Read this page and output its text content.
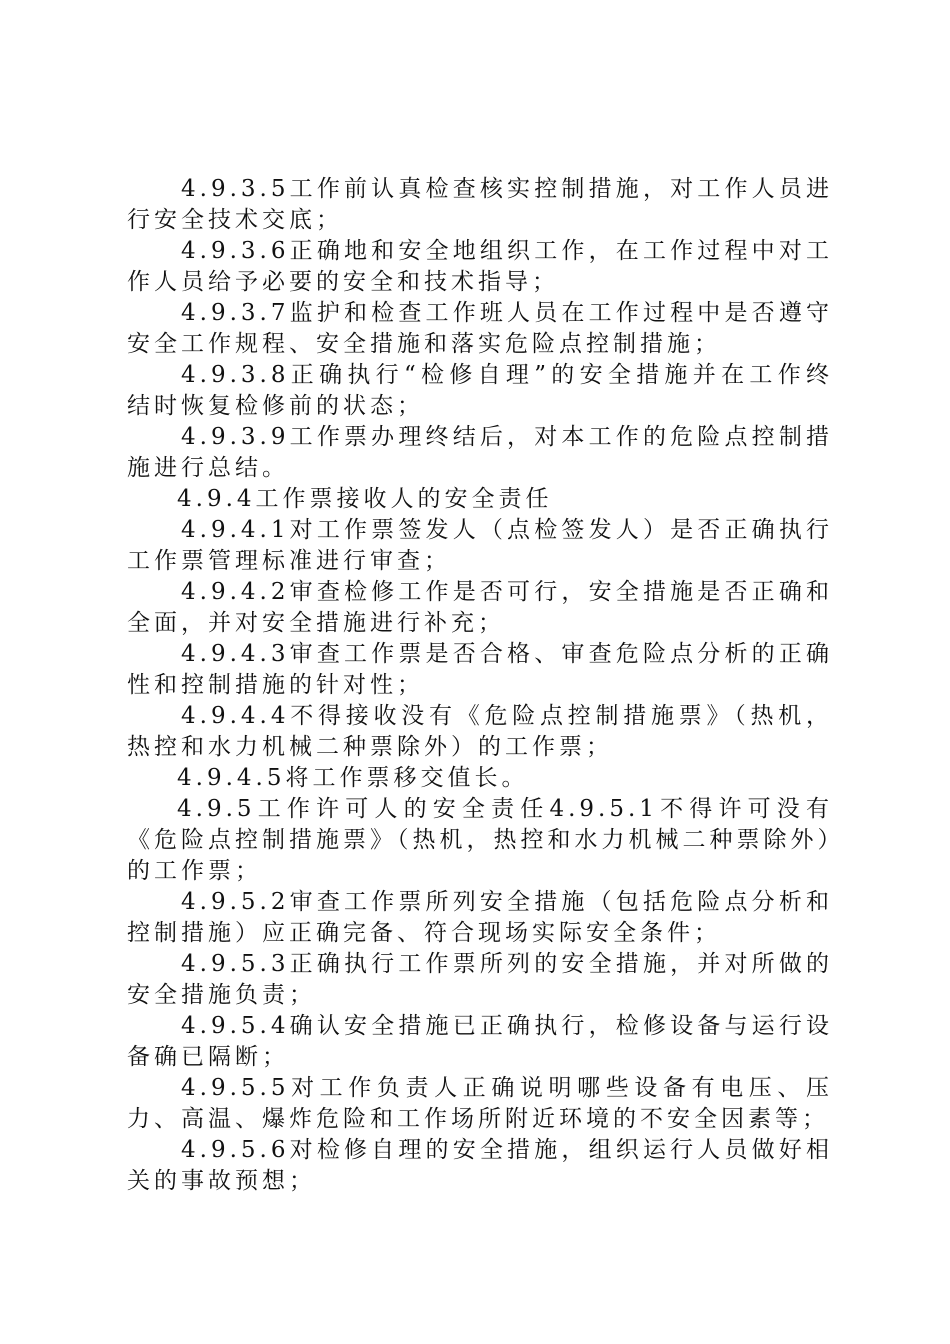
4.9.3.5工作前认真检查核实控制措施，对工作人员进行安全技术交底；

4.9.3.6正确地和安全地组织工作，在工作过程中对工作人员给予必要的安全和技术指导；

4.9.3.7监护和检查工作班人员在工作过程中是否遵守安全工作规程、安全措施和落实危险点控制措施；

4.9.3.8正确执行“检修自理”的安全措施并在工作终结时恢复检修前的状态；

4.9.3.9工作票办理终结后，对本工作的危险点控制措施进行总结。

4.9.4工作票接收人的安全责任

4.9.4.1对工作票签发人（点检签发人）是否正确执行工作票管理标准进行审查；

4.9.4.2审查检修工作是否可行，安全措施是否正确和全面，并对安全措施进行补充；

4.9.4.3审查工作票是否合格、审查危险点分析的正确性和控制措施的针对性；

4.9.4.4不得接收没有《危险点控制措施票》（热机，热控和水力机械二种票除外）的工作票；

4.9.4.5将工作票移交值长。

4.9.5工作许可人的安全责任4.9.5.1不得许可没有《危险点控制措施票》（热机，热控和水力机械二种票除外）的工作票；

4.9.5.2审查工作票所列安全措施（包括危险点分析和控制措施）应正确完备、符合现场实际安全条件；

4.9.5.3正确执行工作票所列的安全措施，并对所做的安全措施负责；

4.9.5.4确认安全措施已正确执行，检修设备与运行设备确已隔断；

4.9.5.5对工作负责人正确说明哪些设备有电压、压力、高温、爆炸危险和工作场所附近环境的不安全因素等；

4.9.5.6对检修自理的安全措施，组织运行人员做好相关的事故预想；
